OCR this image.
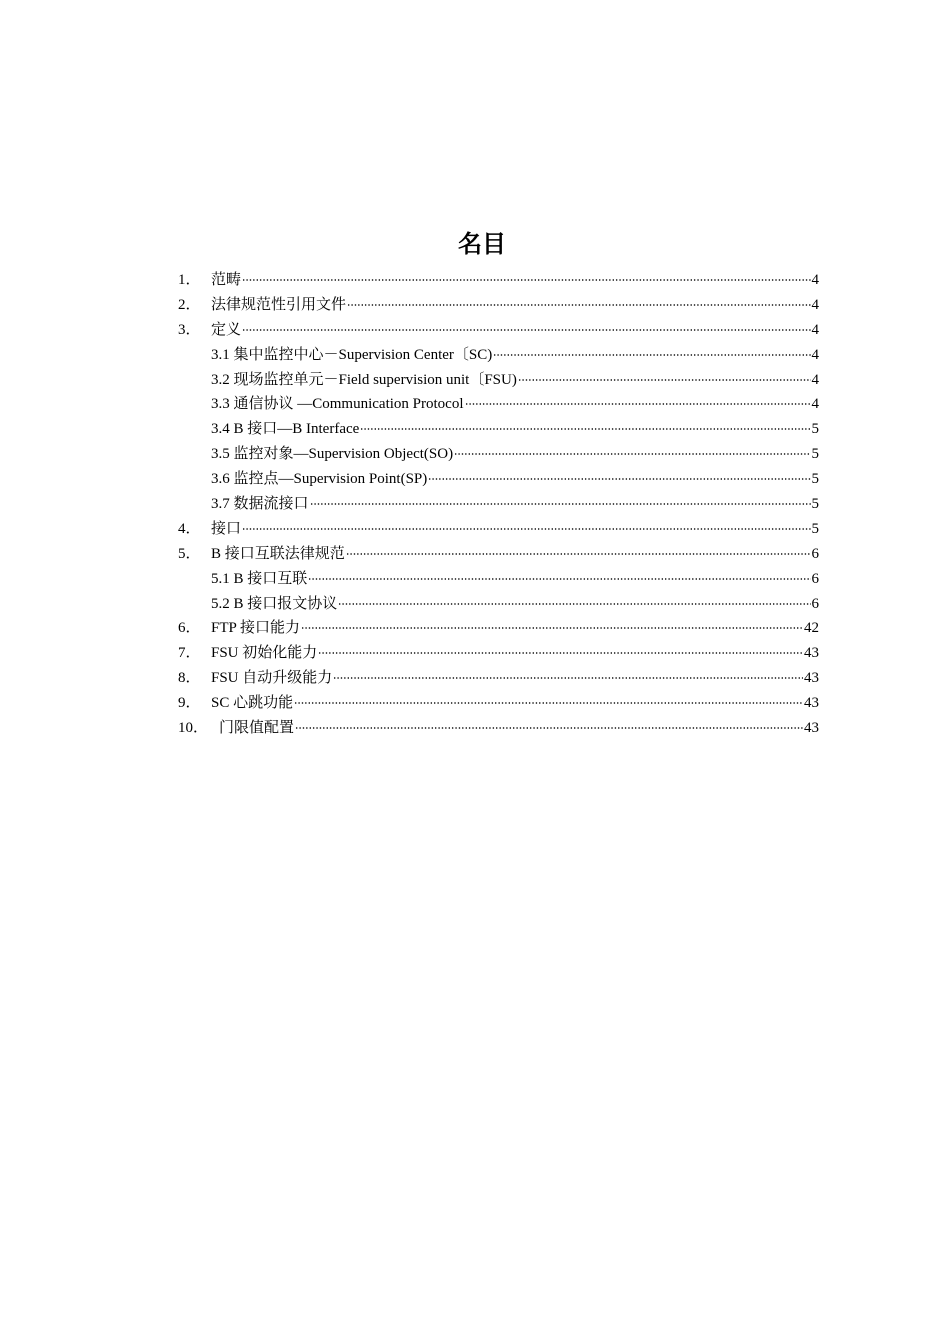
名目
1． 范畴	4
2． 法律规范性引用文件	4
3． 定义	4
3.1 集中监控中心－Supervision Center〔SC)	4
3.2 现场监控单元－Field supervision unit〔FSU)	4
3.3 通信协议 —Communication Protocol	4
3.4 B 接口—B Interface	5
3.5 监控对象—Supervision Object(SO)	5
3.6 监控点—Supervision Point(SP)	5
3.7 数据流接口	5
4． 接口	5
5． B 接口互联法律规范	6
5.1 B 接口互联	6
5.2 B 接口报文协议	6
6． FTP 接口能力	42
7． FSU 初始化能力	43
8． FSU 自动升级能力	43
9． SC 心跳功能	43
10． 门限值配置	43
